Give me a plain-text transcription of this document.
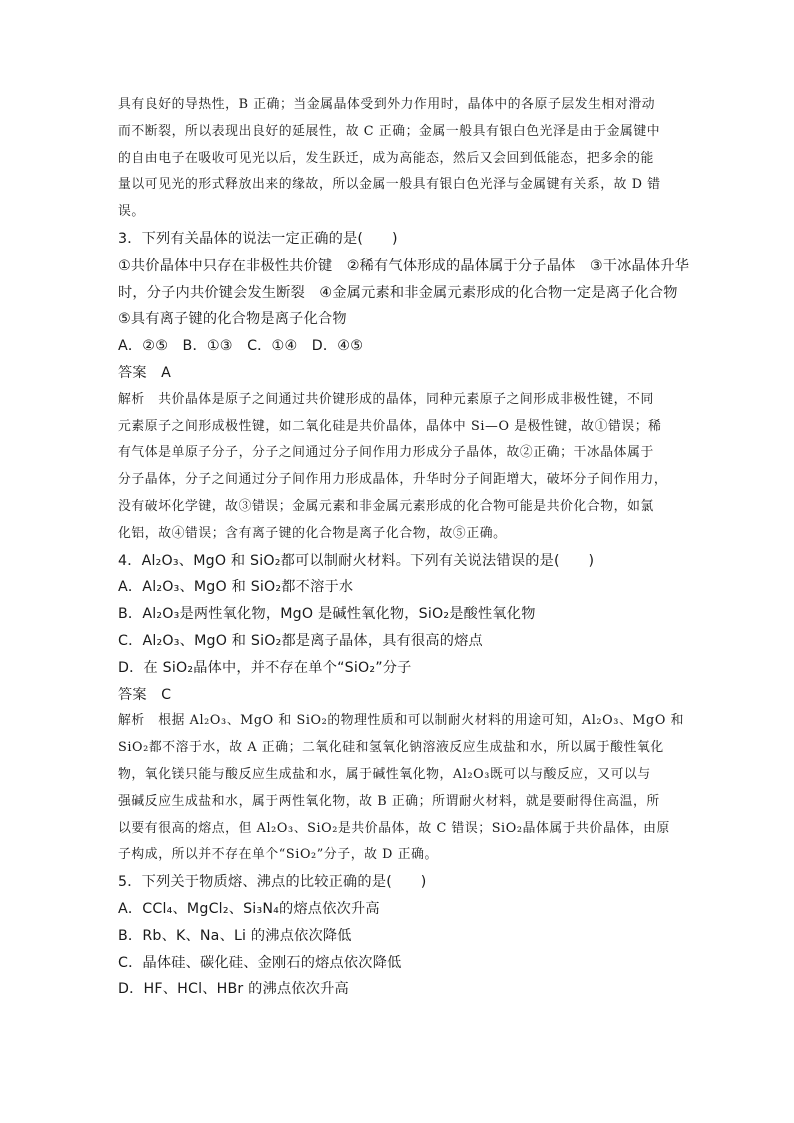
具有良好的导热性，B 正确；当金属晶体受到外力作用时，晶体中的各原子层发生相对滑动
而不断裂，所以表现出良好的延展性，故 C 正确；金属一般具有银白色光泽是由于金属键中
的自由电子在吸收可见光以后，发生跃迁，成为高能态，然后又会回到低能态，把多余的能
量以可见光的形式释放出来的缘故，所以金属一般具有银白色光泽与金属键有关系，故 D 错
误。
3．下列有关晶体的说法一定正确的是(　　)
①共价晶体中只存在非极性共价键　②稀有气体形成的晶体属于分子晶体　③干冰晶体升华
时，分子内共价键会发生断裂　④金属元素和非金属元素形成的化合物一定是离子化合物
⑤具有离子键的化合物是离子化合物
A．②⑤　B．①③　C．①④　D．④⑤
答案　A
解析　共价晶体是原子之间通过共价键形成的晶体，同种元素原子之间形成非极性键，不同
元素原子之间形成极性键，如二氧化硅是共价晶体，晶体中 Si—O 是极性键，故①错误；稀
有气体是单原子分子，分子之间通过分子间作用力形成分子晶体，故②正确；干冰晶体属于
分子晶体，分子之间通过分子间作用力形成晶体，升华时分子间距增大，破坏分子间作用力，
没有破坏化学键，故③错误；金属元素和非金属元素形成的化合物可能是共价化合物，如氯
化铝，故④错误；含有离子键的化合物是离子化合物，故⑤正确。
4．Al₂O₃、MgO 和 SiO₂都可以制耐火材料。下列有关说法错误的是(　　)
A．Al₂O₃、MgO 和 SiO₂都不溶于水
B．Al₂O₃是两性氧化物，MgO 是碱性氧化物，SiO₂是酸性氧化物
C．Al₂O₃、MgO 和 SiO₂都是离子晶体，具有很高的熔点
D．在 SiO₂晶体中，并不存在单个“SiO₂”分子
答案　C
解析　根据 Al₂O₃、MgO 和 SiO₂的物理性质和可以制耐火材料的用途可知，Al₂O₃、MgO 和
SiO₂都不溶于水，故 A 正确；二氧化硅和氢氧化钠溶液反应生成盐和水，所以属于酸性氧化
物，氧化镁只能与酸反应生成盐和水，属于碱性氧化物，Al₂O₃既可以与酸反应，又可以与
强碱反应生成盐和水，属于两性氧化物，故 B 正确；所谓耐火材料，就是要耐得住高温，所
以要有很高的熔点，但 Al₂O₃、SiO₂是共价晶体，故 C 错误；SiO₂晶体属于共价晶体，由原
子构成，所以并不存在单个“SiO₂”分子，故 D 正确。
5．下列关于物质熔、沸点的比较正确的是(　　)
A．CCl₄、MgCl₂、Si₃N₄的熔点依次升高
B．Rb、K、Na、Li 的沸点依次降低
C．晶体硅、碳化硅、金刚石的熔点依次降低
D．HF、HCl、HBr 的沸点依次升高
